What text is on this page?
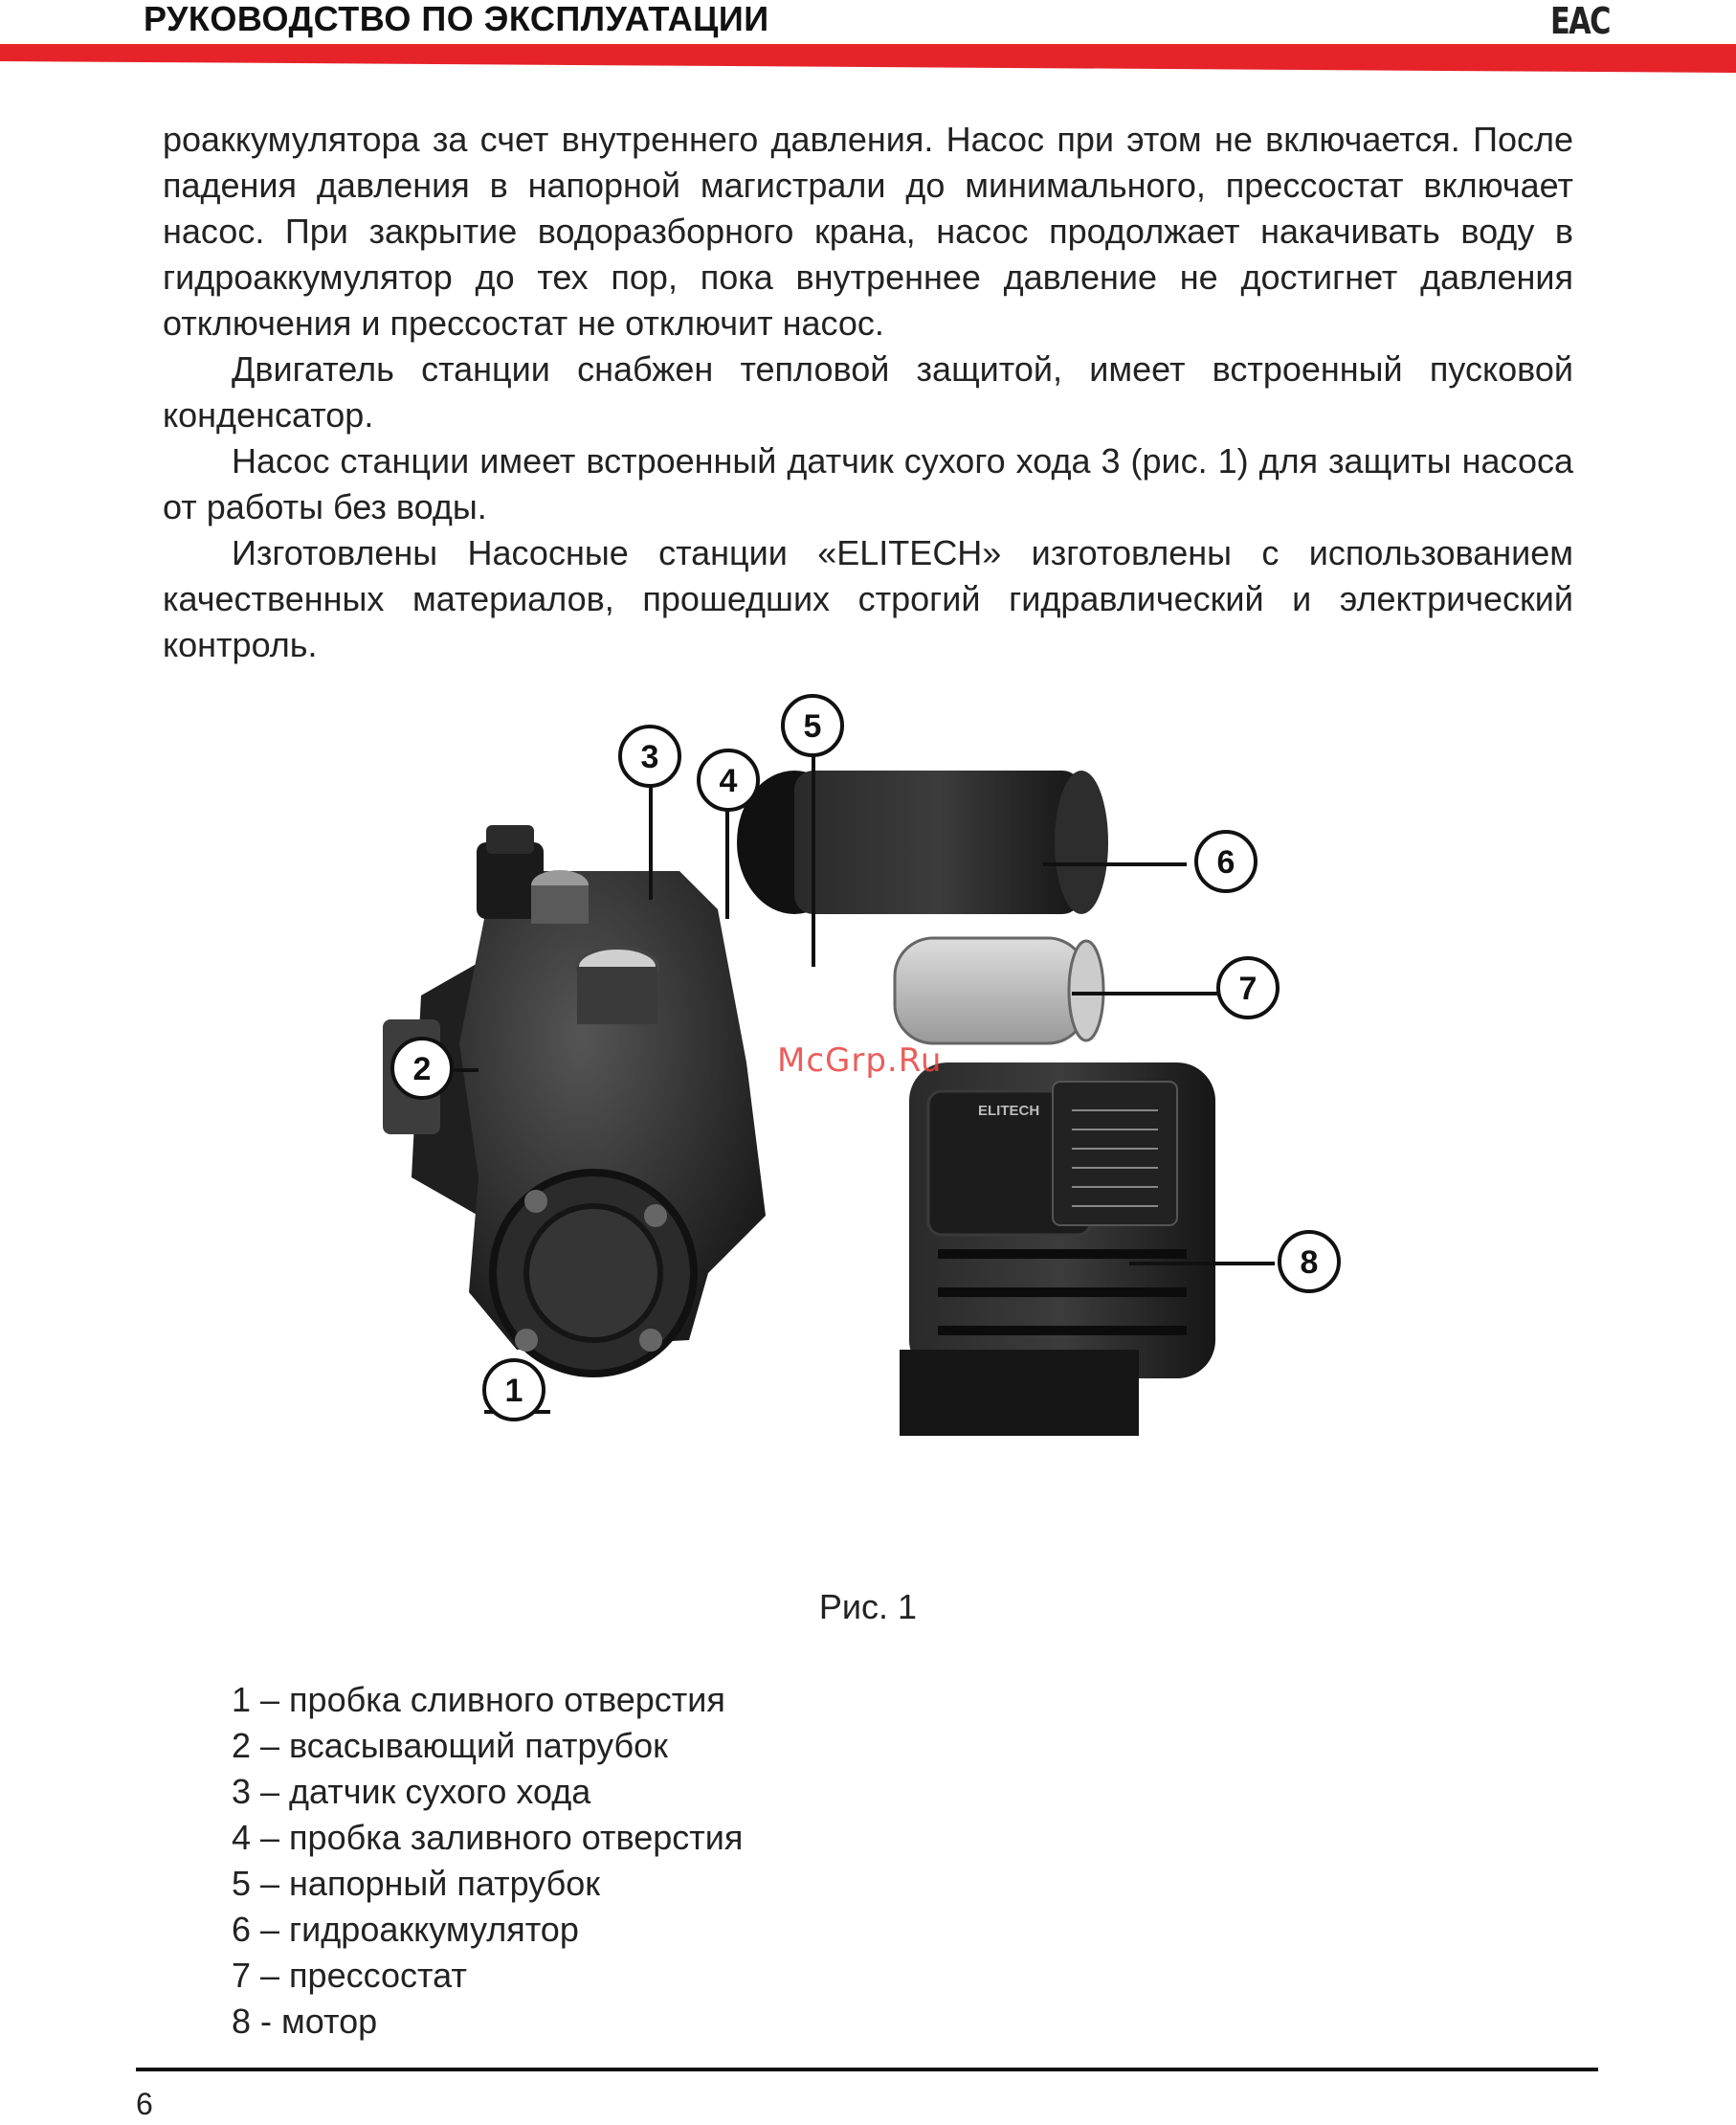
РУКОВОДСТВО ПО ЭКСПЛУАТАЦИИ	ЕАС

роаккумулятора за счет внутреннего давления. Насос при этом не включается. После падения давления в напорной магистрали до минимального, прессостат включает насос. При закрытие водоразборного крана, насос продолжает накачивать воду в гидроаккумулятор до тех пор, пока внутреннее давление не достигнет давления отключения и прессостат не отключит насос.

Двигатель станции снабжен тепловой защитой, имеет встроенный пусковой конденсатор.

Насос станции имеет встроенный датчик сухого хода 3 (рис. 1) для защиты насоса от работы без воды.

Изготовлены Насосные станции «ELITECH» изготовлены с использованием качественных материалов, прошедших строгий гидравлический и электрический контроль.

ELITECH
1
2
3
4
5
6
7
8
McGrp.Ru
Рис. 1
1 – пробка сливного отверстия
2 – всасывающий патрубок
3 – датчик сухого хода
4 – пробка заливного отверстия
5 – напорный патрубок
6 – гидроаккумулятор
7 – прессостат
8 - мотор
6
